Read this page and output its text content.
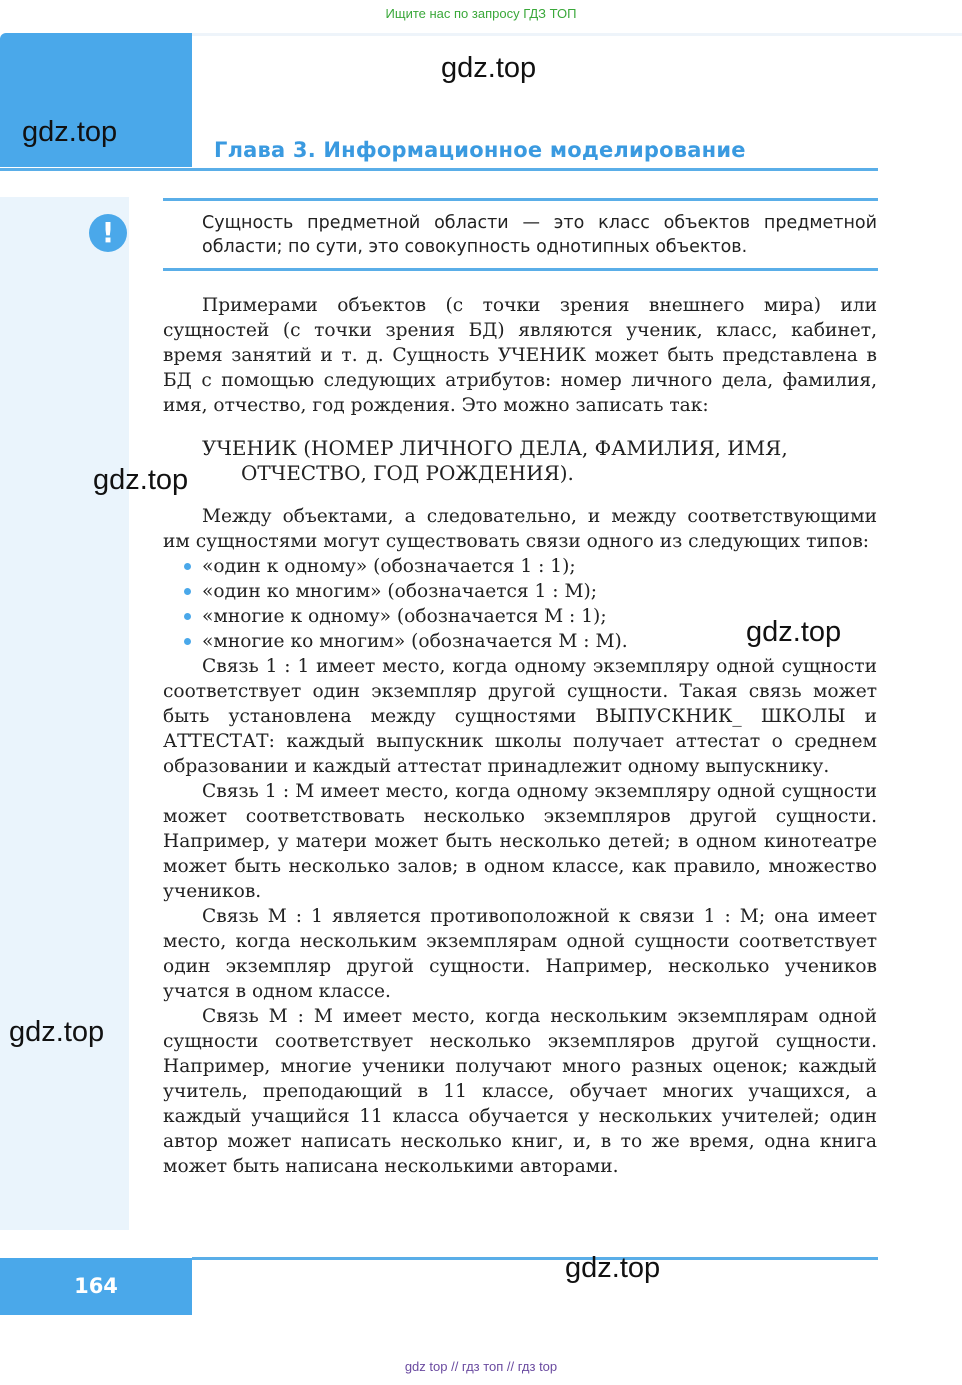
Ищите нас по запросу ГДЗ ТОП
gdz.top
gdz.top
Глава 3. Информационное моделирование
!	Сущность предметной области — это класс объектов предметной области; по сути, это совокупность однотипных объектов.

Примерами объектов (с точки зрения внешнего мира) или сущностей (с точки зрения БД) являются ученик, класс, кабинет, время занятий и т. д. Сущность УЧЕНИК может быть представлена в БД с помощью следующих атрибутов: номер личного дела, фамилия, имя, отчество, год рождения. Это можно записать так:

УЧЕНИК (НОМЕР ЛИЧНОГО ДЕЛА, ФАМИЛИЯ, ИМЯ,
ОТЧЕСТВО, ГОД РОЖДЕНИЯ).
gdz.top

Между объектами, а следовательно, и между соответствующими им сущностями могут существовать связи одного из следующих типов:

«один к одному» (обозначается 1 : 1);
«один ко многим» (обозначается 1 : М);
«многие к одному» (обозначается М : 1);
«многие ко многим» (обозначается М : М).

Связь 1 : 1 имеет место, когда одному экземпляру одной сущности соответствует один экземпляр другой сущности. Такая связь может быть установлена между сущностями ВЫПУСКНИК_ ШКОЛЫ и АТТЕСТАТ: каждый выпускник школы получает аттестат о среднем образовании и каждый аттестат принадлежит одному выпускнику.

Связь 1 : М имеет место, когда одному экземпляру одной сущности может соответствовать несколько экземпляров другой сущности. Например, у матери может быть несколько детей; в одном кинотеатре может быть несколько залов; в одном классе, как правило, множество учеников.

Связь М : 1 является противоположной к связи 1 : М; она имеет место, когда нескольким экземплярам одной сущности соответствует один экземпляр другой сущности. Например, несколько учеников учатся в одном классе.

Связь М : М имеет место, когда нескольким экземплярам одной сущности соответствует несколько экземпляров другой сущности. Например, многие ученики получают много разных оценок; каждый учитель, преподающий в 11 классе, обучает многих учащихся, а каждый учащийся 11 класса обучается у нескольких учителей; один автор может написать несколько книг, и, в то же время, одна книга может быть написана несколькими авторами.

gdz.top
gdz.top
164
gdz.top
gdz top // гдз топ // гдз top
